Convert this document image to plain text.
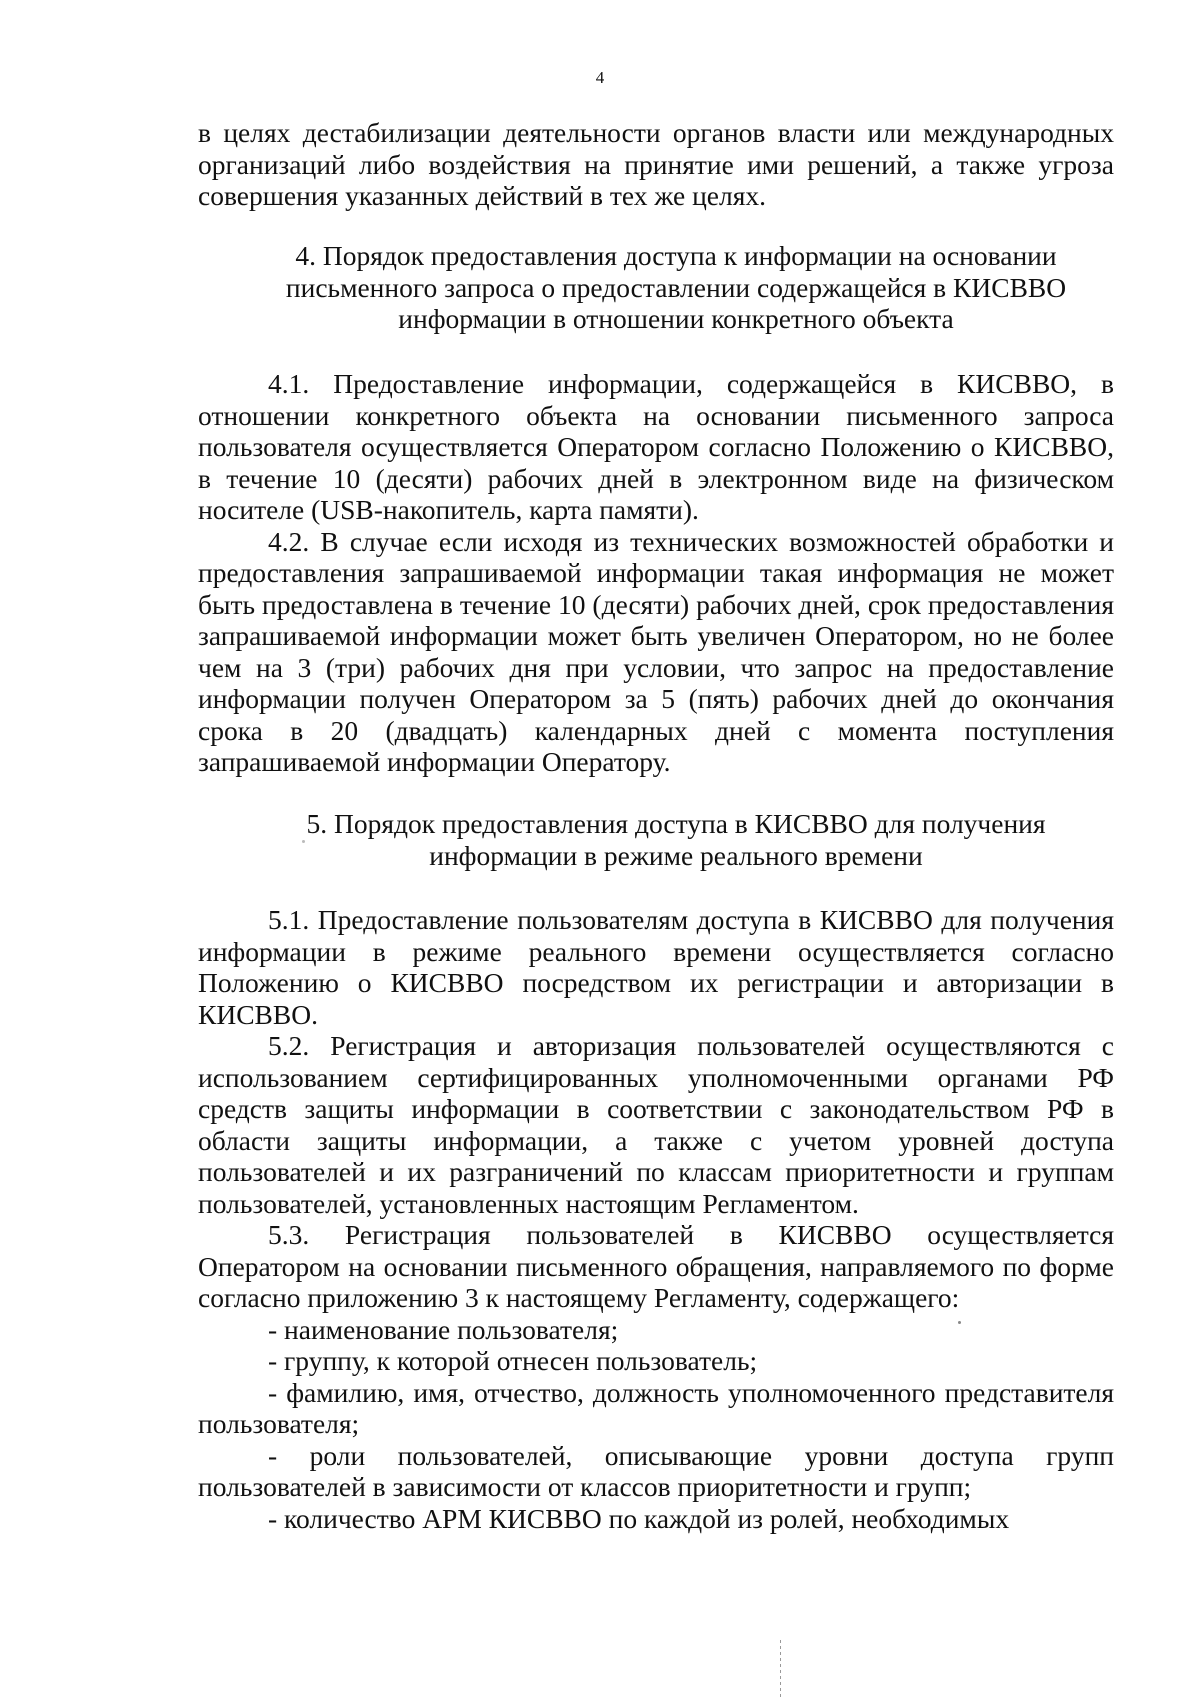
4

в целях дестабилизации деятельности органов власти или международных организаций либо воздействия на принятие ими решений, а также угроза совершения указанных действий в тех же целях.

4. Порядок предоставления доступа к информации на основании
письменного запроса о предоставлении содержащейся в КИСВВО
информации в отношении конкретного объекта

4.1. Предоставление информации, содержащейся в КИСВВО, в отношении конкретного объекта на основании письменного запроса пользователя осуществляется Оператором согласно Положению о КИСВВО, в течение 10 (десяти) рабочих дней в электронном виде на физическом носителе (USB-накопитель, карта памяти).

4.2. В случае если исходя из технических возможностей обработки и предоставления запрашиваемой информации такая информация не может быть предоставлена в течение 10 (десяти) рабочих дней, срок предоставления запрашиваемой информации может быть увеличен Оператором, но не более чем на 3 (три) рабочих дня при условии, что запрос на предоставление информации получен Оператором за 5 (пять) рабочих дней до окончания срока в 20 (двадцать) календарных дней с момента поступления запрашиваемой информации Оператору.

5. Порядок предоставления доступа в КИСВВО для получения
информации в режиме реального времени

5.1. Предоставление пользователям доступа в КИСВВО для получения информации в режиме реального времени осуществляется согласно Положению о КИСВВО посредством их регистрации и авторизации в КИСВВО.

5.2. Регистрация и авторизация пользователей осуществляются с использованием сертифицированных уполномоченными органами РФ средств защиты информации в соответствии с законодательством РФ в области защиты информации, а также с учетом уровней доступа пользователей и их разграничений по классам приоритетности и группам пользователей, установленных настоящим Регламентом.

5.3. Регистрация пользователей в КИСВВО осуществляется Оператором на основании письменного обращения, направляемого по форме согласно приложению 3 к настоящему Регламенту, содержащего:

- наименование пользователя;

- группу, к которой отнесен пользователь;

- фамилию, имя, отчество, должность уполномоченного представителя пользователя;

- роли пользователей, описывающие уровни доступа групп пользователей в зависимости от классов приоритетности и групп;

- количество АРМ КИСВВО по каждой из ролей, необходимых
